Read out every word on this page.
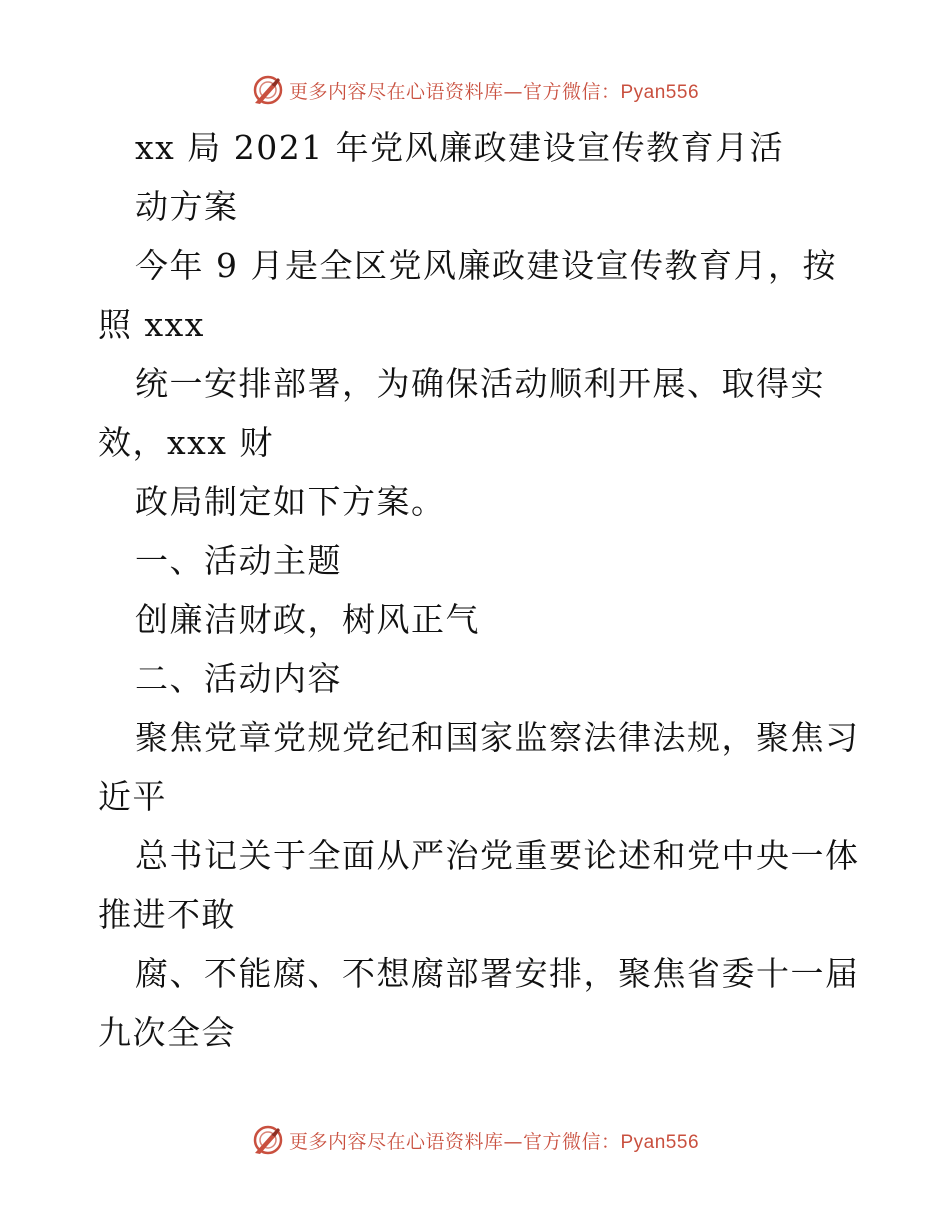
更多内容尽在心语资料库—官方微信：Pyan556
xx 局 2021 年党风廉政建设宣传教育月活
动方案
今年 9 月是全区党风廉政建设宣传教育月，按
照 xxx
统一安排部署，为确保活动顺利开展、取得实
效，xxx 财
政局制定如下方案。
一、活动主题
创廉洁财政，树风正气
二、活动内容
聚焦党章党规党纪和国家监察法律法规，聚焦习
近平
总书记关于全面从严治党重要论述和党中央一体
推进不敢
腐、不能腐、不想腐部署安排，聚焦省委十一届
九次全会
更多内容尽在心语资料库—官方微信：Pyan556
